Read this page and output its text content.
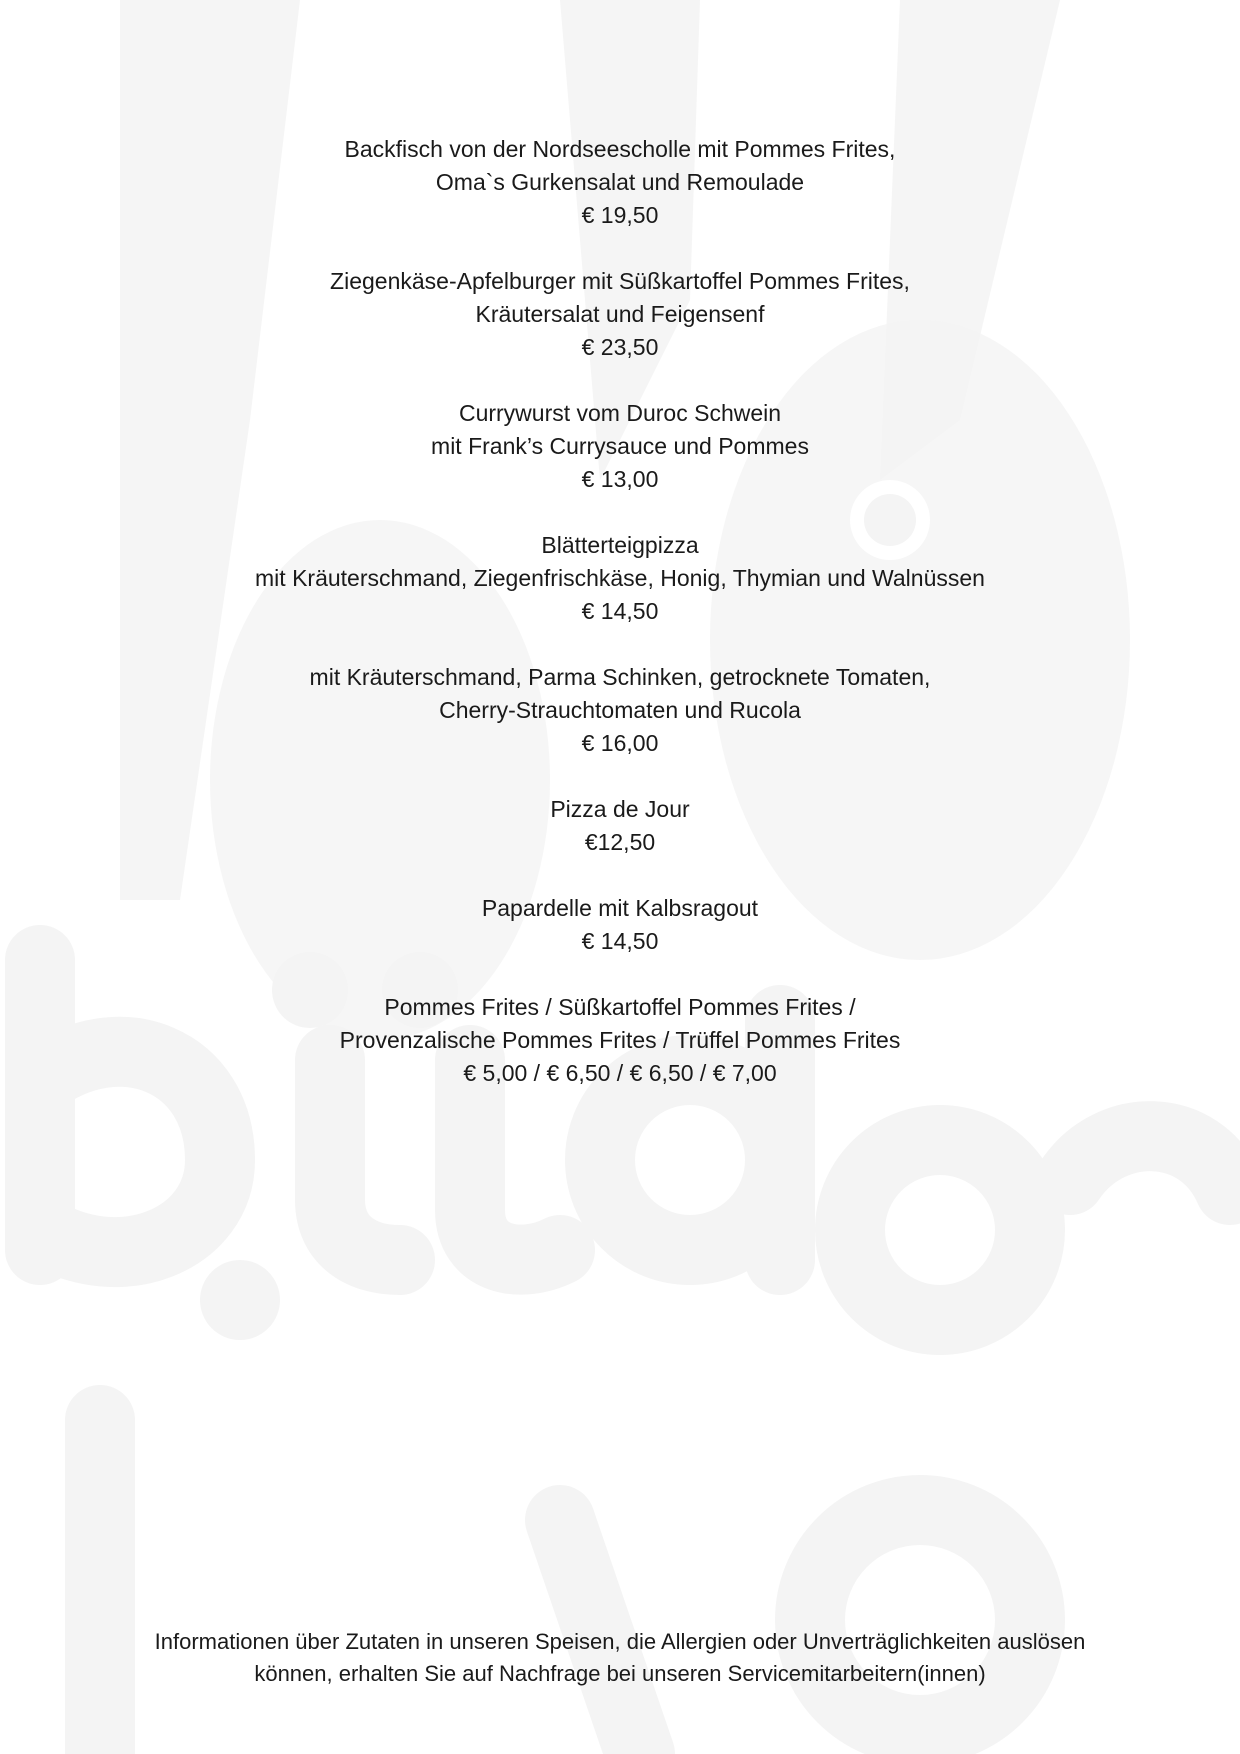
Backfisch von der Nordseescholle mit Pommes Frites,
Oma`s Gurkensalat und Remoulade
€ 19,50
Ziegenkäse-Apfelburger mit Süßkartoffel Pommes Frites,
Kräutersalat und Feigensenf
€ 23,50
Currywurst vom Duroc Schwein
mit Frank’s Currysauce und Pommes
€ 13,00
Blätterteigpizza
mit Kräuterschmand, Ziegenfrischkäse, Honig, Thymian und Walnüssen
€ 14,50
mit Kräuterschmand, Parma Schinken, getrocknete Tomaten,
Cherry-Strauchtomaten und Rucola
€ 16,00
Pizza de Jour
€12,50
Papardelle mit Kalbsragout
€ 14,50
Pommes Frites / Süßkartoffel Pommes Frites /
Provenzalische Pommes Frites / Trüffel Pommes Frites
€ 5,00 / € 6,50 / € 6,50 / € 7,00
Informationen über Zutaten in unseren Speisen, die Allergien oder Unverträglichkeiten auslösen
können, erhalten Sie auf Nachfrage bei unseren Servicemitarbeitern(innen)
